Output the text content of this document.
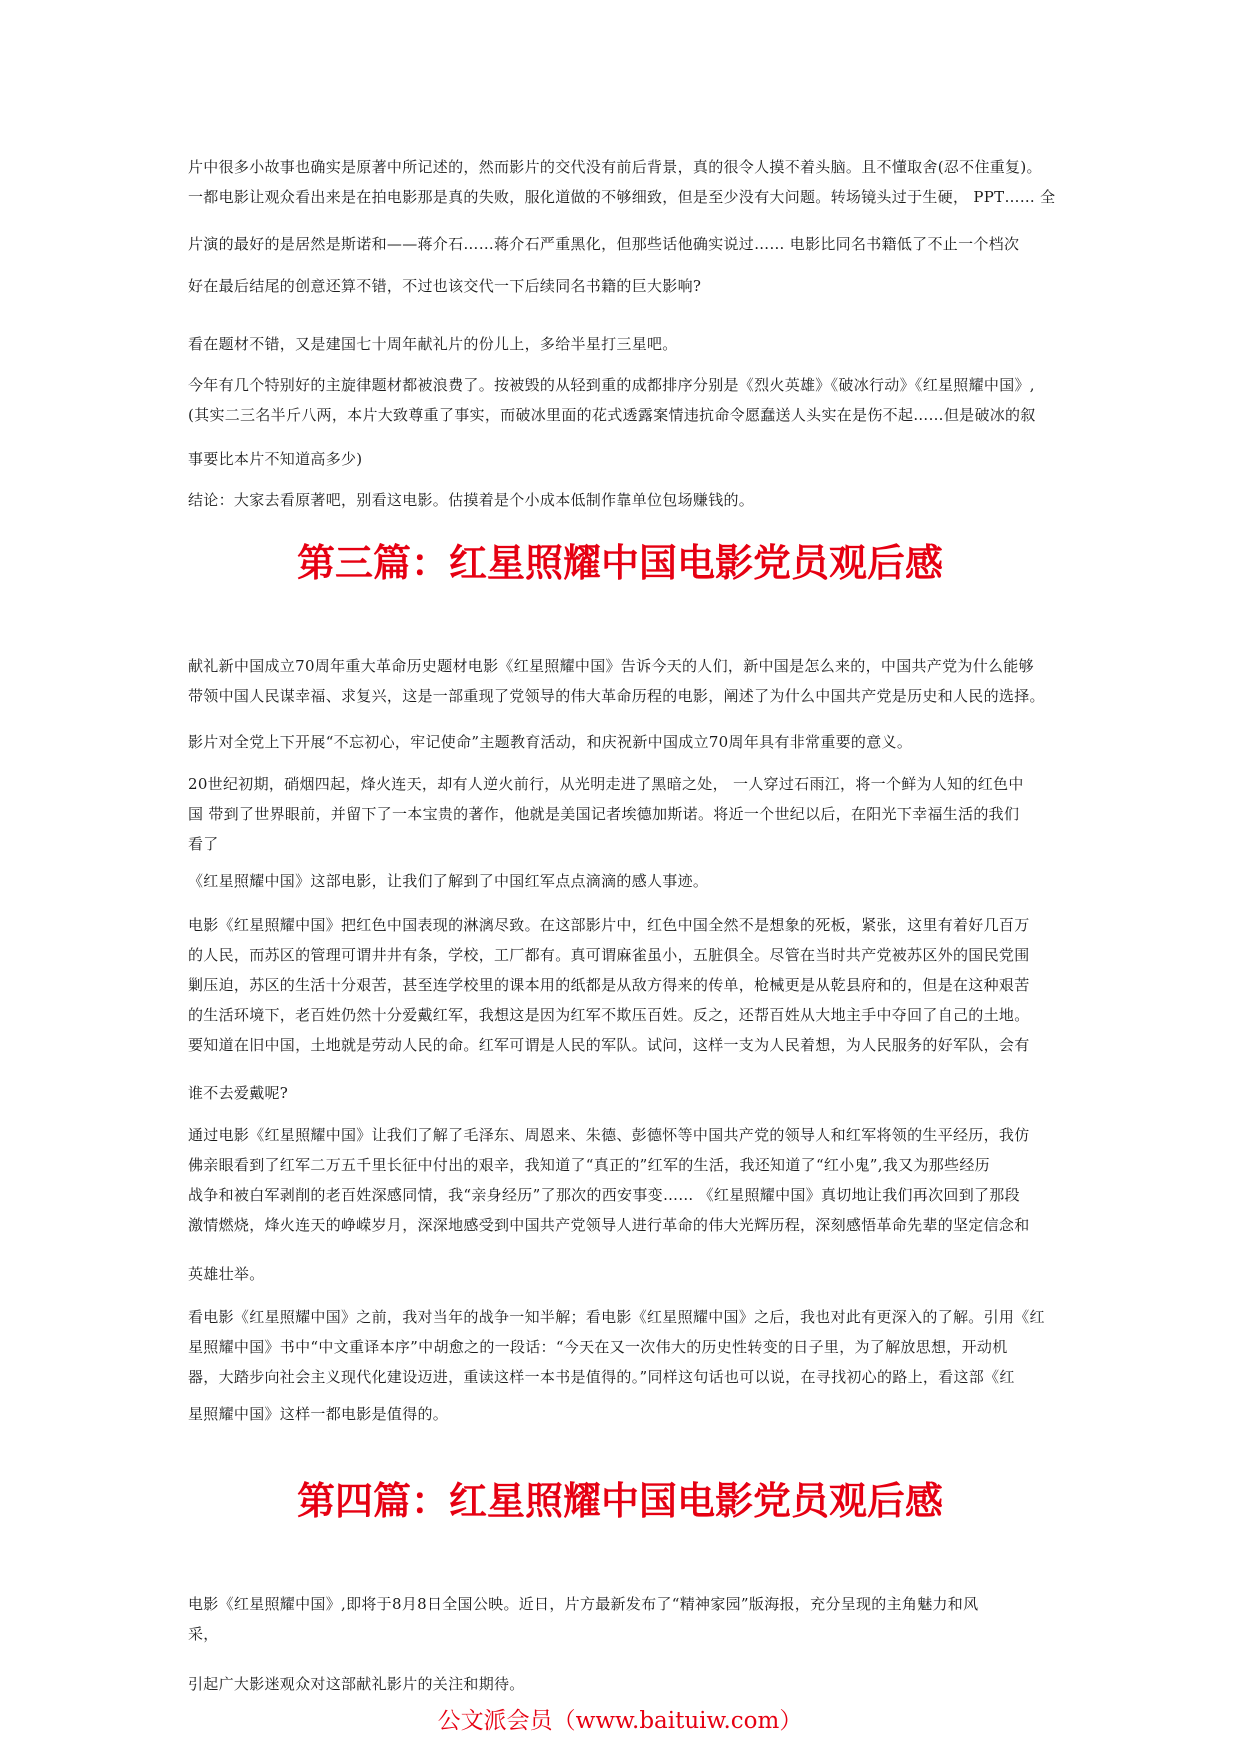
片中很多小故事也确实是原著中所记述的，然而影片的交代没有前后背景，真的很令人摸不着头脑。且不懂取舍(忍不住重复)。
一都电影让观众看出来是在拍电影那是真的失败，服化道做的不够细致，但是至少没有大问题。转场镜头过于生硬， PPT…… 全
片演的最好的是居然是斯诺和——蒋介石……蒋介石严重黑化，但那些话他确实说过…… 电影比同名书籍低了不止一个档次
好在最后结尾的创意还算不错，不过也该交代一下后续同名书籍的巨大影响?
看在题材不错，又是建国七十周年献礼片的份儿上，多给半星打三星吧。
今年有几个特别好的主旋律题材都被浪费了。按被毁的从轻到重的成都排序分别是《烈火英雄》《破冰行动》《红星照耀中国》,
(其实二三名半斤八两，本片大致尊重了事实，而破冰里面的花式透露案情违抗命令愿蠢送人头实在是伤不起……但是破冰的叙
事要比本片不知道高多少)
结论：大家去看原著吧，别看这电影。估摸着是个小成本低制作靠单位包场赚钱的。
第三篇：红星照耀中国电影党员观后感
献礼新中国成立70周年重大革命历史题材电影《红星照耀中国》告诉今天的人们，新中国是怎么来的，中国共产党为什么能够
带领中国人民谋幸福、求复兴，这是一部重现了党领导的伟大革命历程的电影，阐述了为什么中国共产党是历史和人民的选择。
影片对全党上下开展“不忘初心，牢记使命”主题教育活动，和庆祝新中国成立70周年具有非常重要的意义。
20世纪初期，硝烟四起，烽火连天，却有人逆火前行，从光明走进了黑暗之处， 一人穿过石雨江，将一个鲜为人知的红色中
国 带到了世界眼前，并留下了一本宝贵的著作，他就是美国记者埃德加斯诺。将近一个世纪以后，在阳光下幸福生活的我们
看了
《红星照耀中国》这部电影，让我们了解到了中国红军点点滴滴的感人事迹。
电影《红星照耀中国》把红色中国表现的淋漓尽致。在这部影片中，红色中国全然不是想象的死板，紧张，这里有着好几百万
的人民，而苏区的管理可谓井井有条，学校，工厂都有。真可谓麻雀虽小，五脏俱全。尽管在当时共产党被苏区外的国民党围
剿压迫，苏区的生活十分艰苦，甚至连学校里的课本用的纸都是从敌方得来的传单，枪械更是从乾县府和的，但是在这种艰苦
的生活环境下，老百姓仍然十分爱戴红军，我想这是因为红军不欺压百姓。反之，还帮百姓从大地主手中夺回了自己的土地。
要知道在旧中国，土地就是劳动人民的命。红军可谓是人民的军队。试问，这样一支为人民着想，为人民服务的好军队，会有
谁不去爱戴呢?
通过电影《红星照耀中国》让我们了解了毛泽东、周恩来、朱德、彭德怀等中国共产党的领导人和红军将领的生平经历，我仿
佛亲眼看到了红军二万五千里长征中付出的艰辛，我知道了“真正的”红军的生活，我还知道了“红小鬼”,我又为那些经历
战争和被白军剥削的老百姓深感同情，我“亲身经历”了那次的西安事变…… 《红星照耀中国》真切地让我们再次回到了那段
激情燃烧，烽火连天的峥嵘岁月，深深地感受到中国共产党领导人进行革命的伟大光辉历程，深刻感悟革命先辈的坚定信念和
英雄壮举。
看电影《红星照耀中国》之前，我对当年的战争一知半解；看电影《红星照耀中国》之后，我也对此有更深入的了解。引用《红
星照耀中国》书中“中文重译本序”中胡愈之的一段话：“今天在又一次伟大的历史性转变的日子里，为了解放思想，开动机
器，大踏步向社会主义现代化建设迈进，重读这样一本书是值得的。”同样这句话也可以说，在寻找初心的路上，看这部《红
星照耀中国》这样一都电影是值得的。
第四篇：红星照耀中国电影党员观后感
电影《红星照耀中国》,即将于8月8日全国公映。近日，片方最新发布了“精神家园”版海报，充分呈现的主角魅力和风
采，
引起广大影迷观众对这部献礼影片的关注和期待。
公文派会员（www.baituiw.com）
